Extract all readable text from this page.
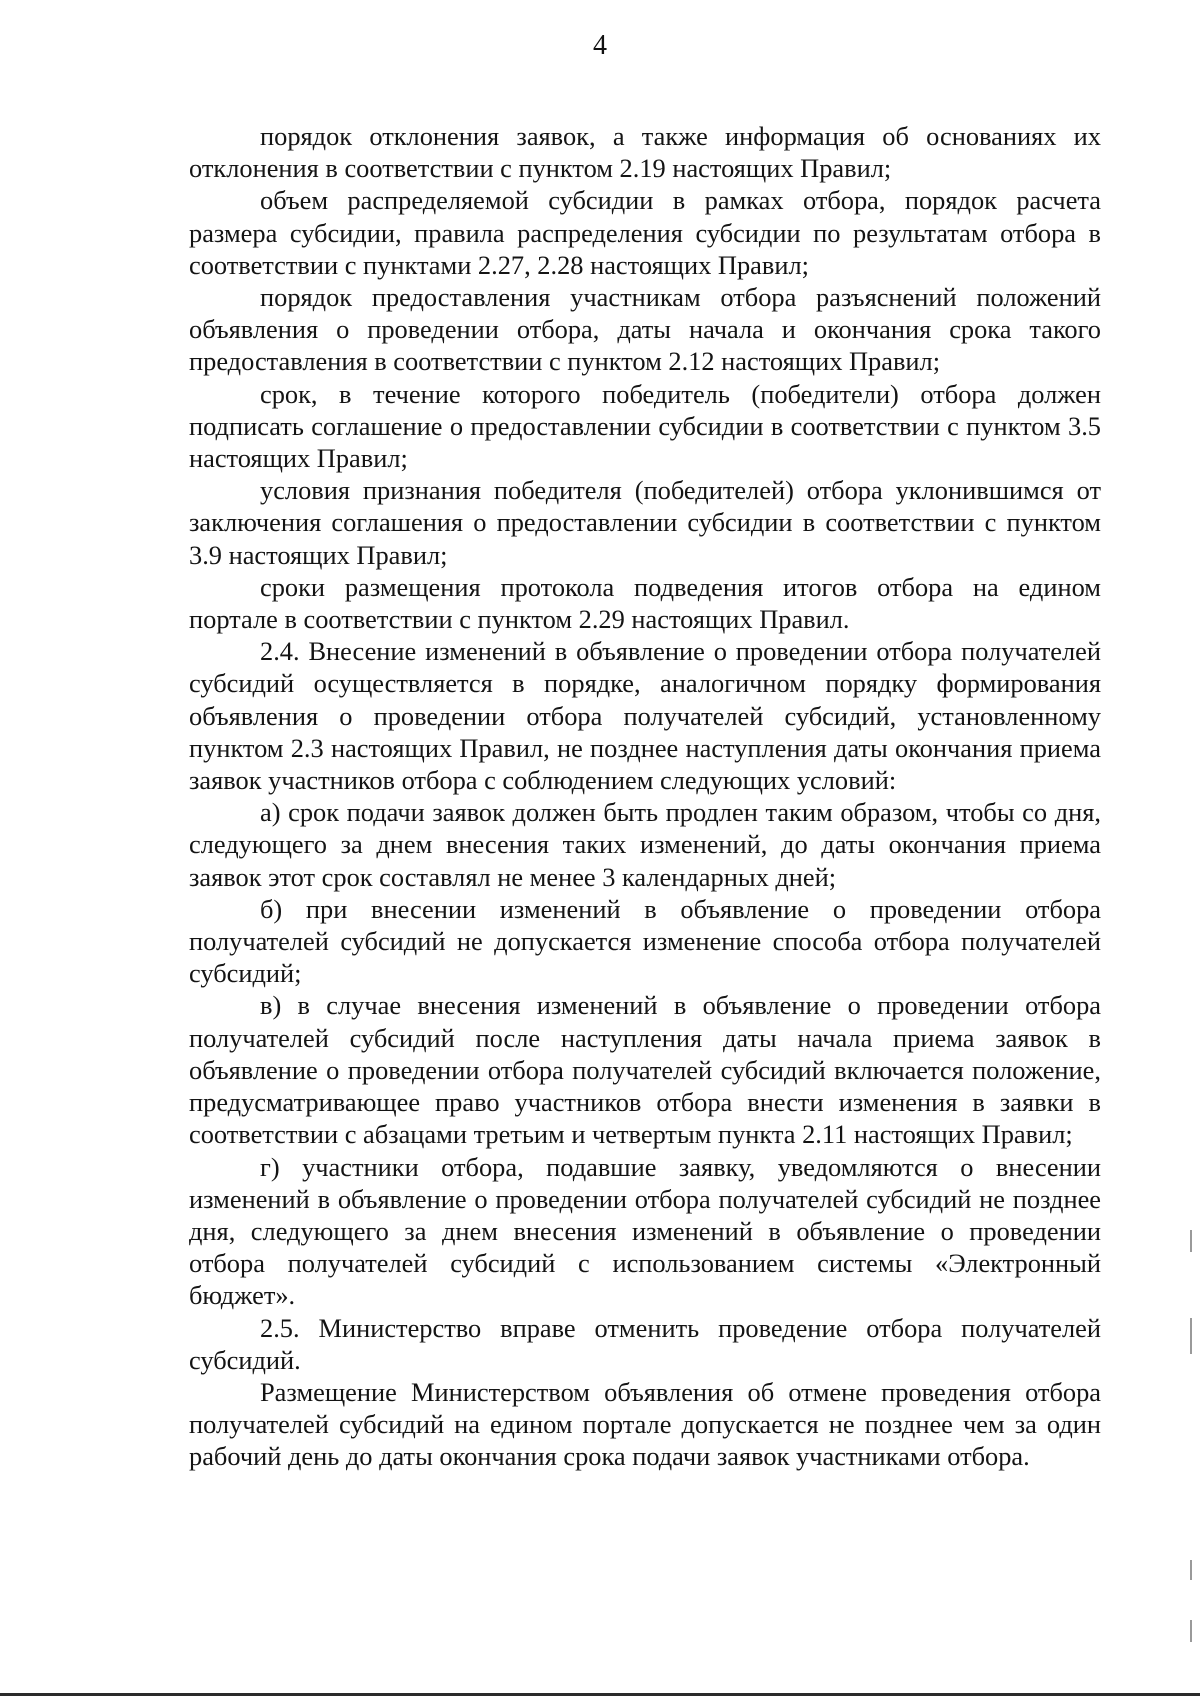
4

порядок отклонения заявок, а также информация об основаниях их отклонения в соответствии с пунктом 2.19 настоящих Правил;

объем распределяемой субсидии в рамках отбора, порядок расчета размера субсидии, правила распределения субсидии по результатам отбора в соответствии с пунктами 2.27, 2.28 настоящих Правил;

порядок предоставления участникам отбора разъяснений положений объявления о проведении отбора, даты начала и окончания срока такого предоставления в соответствии с пунктом 2.12 настоящих Правил;

срок, в течение которого победитель (победители) отбора должен подписать соглашение о предоставлении субсидии в соответствии с пунктом 3.5 настоящих Правил;

условия признания победителя (победителей) отбора уклонившимся от заключения соглашения о предоставлении субсидии в соответствии с пунктом 3.9 настоящих Правил;

сроки размещения протокола подведения итогов отбора на едином портале в соответствии с пунктом 2.29 настоящих Правил.

2.4. Внесение изменений в объявление о проведении отбора получателей субсидий осуществляется в порядке, аналогичном порядку формирования объявления о проведении отбора получателей субсидий, установленному пунктом 2.3 настоящих Правил, не позднее наступления даты окончания приема заявок участников отбора с соблюдением следующих условий:

а) срок подачи заявок должен быть продлен таким образом, чтобы со дня, следующего за днем внесения таких изменений, до даты окончания приема заявок этот срок составлял не менее 3 календарных дней;

б) при внесении изменений в объявление о проведении отбора получателей субсидий не допускается изменение способа отбора получателей субсидий;

в) в случае внесения изменений в объявление о проведении отбора получателей субсидий после наступления даты начала приема заявок в объявление о проведении отбора получателей субсидий включается положение, предусматривающее право участников отбора внести изменения в заявки в соответствии с абзацами третьим и четвертым пункта 2.11 настоящих Правил;

г) участники отбора, подавшие заявку, уведомляются о внесении изменений в объявление о проведении отбора получателей субсидий не позднее дня, следующего за днем внесения изменений в объявление о проведении отбора получателей субсидий с использованием системы «Электронный бюджет».

2.5. Министерство вправе отменить проведение отбора получателей субсидий.

Размещение Министерством объявления об отмене проведения отбора получателей субсидий на едином портале допускается не позднее чем за один рабочий день до даты окончания срока подачи заявок участниками отбора.
